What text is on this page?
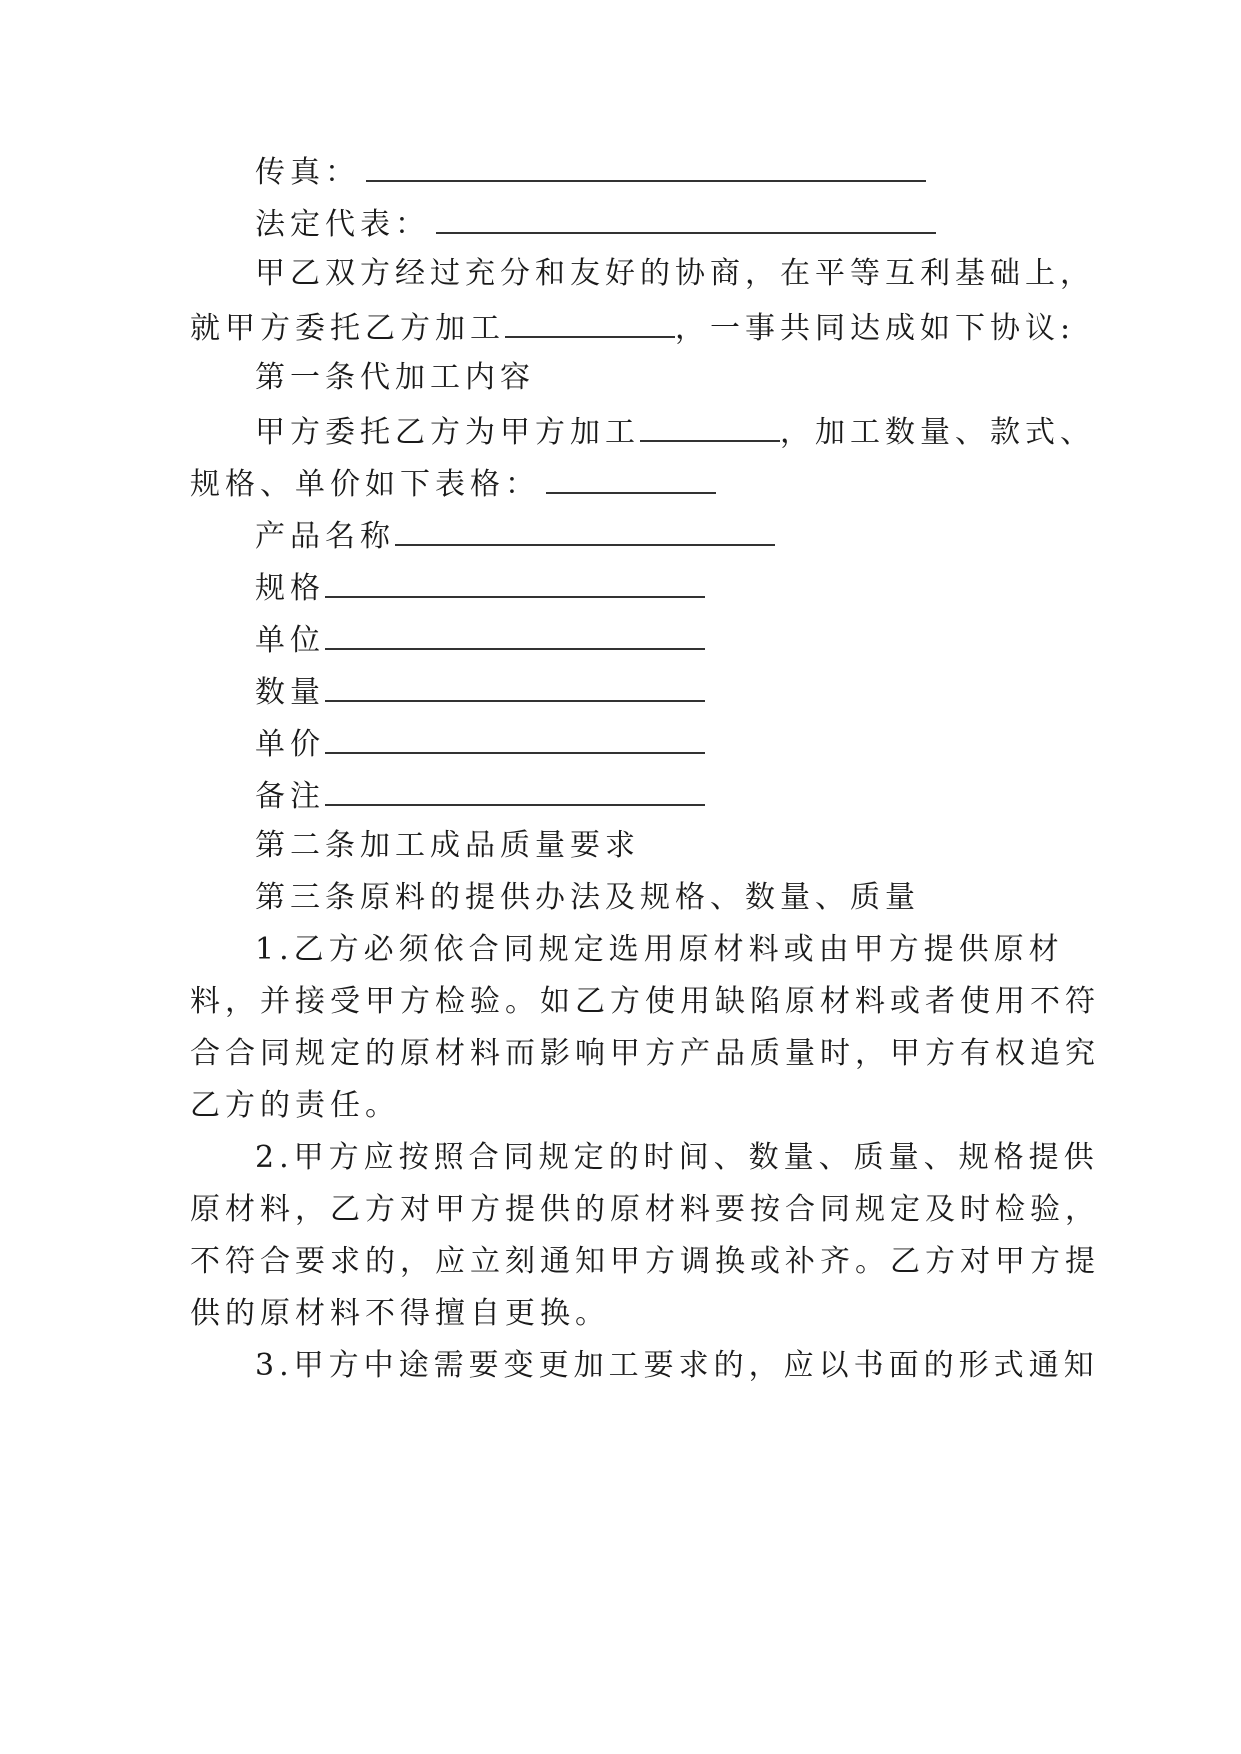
传真：
法定代表：
甲乙双方经过充分和友好的协商，在平等互利基础上，
就甲方委托乙方加工	，一事共同达成如下协议:
第一条代加工内容
甲方委托乙方为甲方加工	，加工数量、款式、
规格、单价如下表格：
产品名称
规格
单位
数量
单价
备注
第二条加工成品质量要求
第三条原料的提供办法及规格、数量、质量
1.乙方必须依合同规定选用原材料或由甲方提供原材
料，并接受甲方检验。如乙方使用缺陷原材料或者使用不符
合合同规定的原材料而影响甲方产品质量时，甲方有权追究
乙方的责任。
2.甲方应按照合同规定的时间、数量、质量、规格提供
原材料，乙方对甲方提供的原材料要按合同规定及时检验，
不符合要求的，应立刻通知甲方调换或补齐。乙方对甲方提
供的原材料不得擅自更换。
3.甲方中途需要变更加工要求的，应以书面的形式通知
